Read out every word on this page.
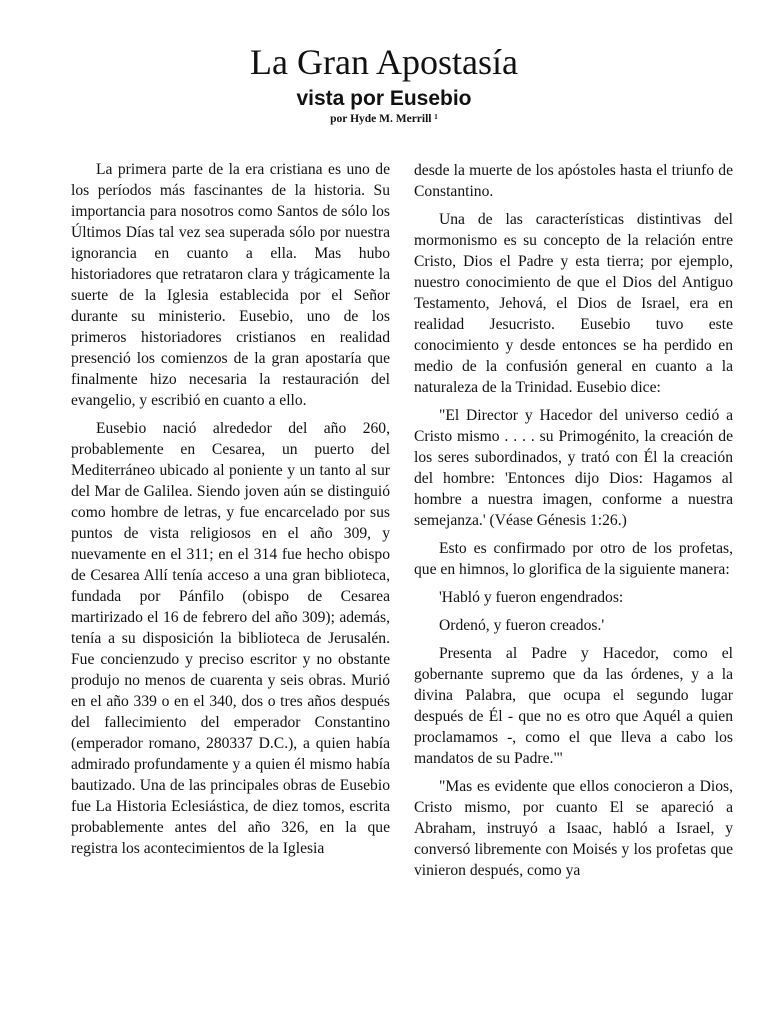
La Gran Apostasía
vista por Eusebio
por Hyde M. Merrill ¹

La primera parte de la era cristiana es uno de los períodos más fascinantes de la historia. Su importancia para nosotros como Santos de sólo los Últimos Días tal vez sea superada sólo por nuestra ignorancia en cuanto a ella. Mas hubo historiadores que retrataron clara y trágicamente la suerte de la Iglesia establecida por el Señor durante su ministerio. Eusebio, uno de los primeros historiadores cristianos en realidad presenció los comienzos de la gran apostaría que finalmente hizo necesaria la restauración del evangelio, y escribió en cuanto a ello.

Eusebio nació alrededor del año 260, probablemente en Cesarea, un puerto del Mediterráneo ubicado al poniente y un tanto al sur del Mar de Galilea. Siendo joven aún se distinguió como hombre de letras, y fue encarcelado por sus puntos de vista religiosos en el año 309, y nuevamente en el 311; en el 314 fue hecho obispo de Cesarea Allí tenía acceso a una gran biblioteca, fundada por Pánfilo (obispo de Cesarea martirizado el 16 de febrero del año 309); además, tenía a su disposición la biblioteca de Jerusalén. Fue concienzudo y preciso escritor y no obstante produjo no menos de cuarenta y seis obras. Murió en el año 339 o en el 340, dos o tres años después del fallecimiento del emperador Constantino (emperador romano, 280337 D.C.), a quien había admirado profundamente y a quien él mismo había bautizado. Una de las principales obras de Eusebio fue La Historia Eclesiástica, de diez tomos, escrita probablemente antes del año 326, en la que registra los acontecimientos de la Iglesia

desde la muerte de los apóstoles hasta el triunfo de Constantino.

Una de las características distintivas del mormonismo es su concepto de la relación entre Cristo, Dios el Padre y esta tierra; por ejemplo, nuestro conocimiento de que el Dios del Antiguo Testamento, Jehová, el Dios de Israel, era en realidad Jesucristo. Eusebio tuvo este conocimiento y desde entonces se ha perdido en medio de la confusión general en cuanto a la naturaleza de la Trinidad. Eusebio dice:

"El Director y Hacedor del universo cedió a Cristo mismo . . . . su Primogénito, la creación de los seres subordinados, y trató con Él la creación del hombre: 'Entonces dijo Dios: Hagamos al hombre a nuestra imagen, conforme a nuestra semejanza.' (Véase Génesis 1:26.)

Esto es confirmado por otro de los profetas, que en himnos, lo glorifica de la siguiente manera:

'Habló y fueron engendrados:

Ordenó, y fueron creados.'

Presenta al Padre y Hacedor, como el gobernante supremo que da las órdenes, y a la divina Palabra, que ocupa el segundo lugar después de Él - que no es otro que Aquél a quien proclamamos -, como el que lleva a cabo los mandatos de su Padre."'

"Mas es evidente que ellos conocieron a Dios, Cristo mismo, por cuanto El se apareció a Abraham, instruyó a Isaac, habló a Israel, y conversó libremente con Moisés y los profetas que vinieron después, como ya
